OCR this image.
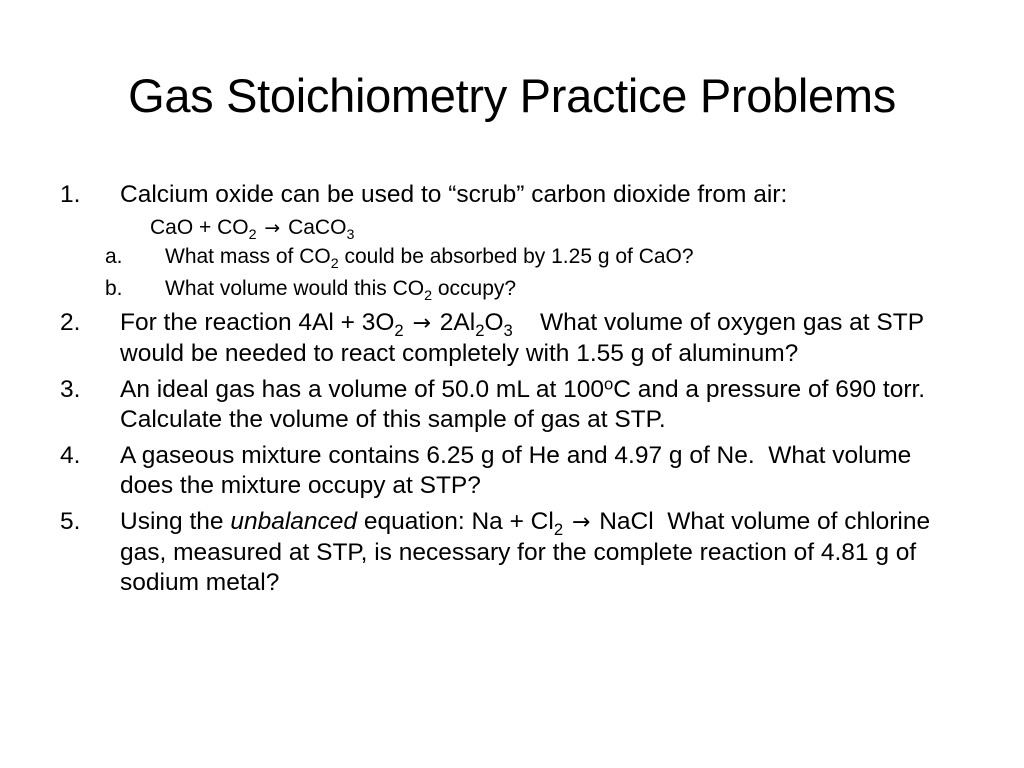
Gas Stoichiometry Practice Problems
1. Calcium oxide can be used to “scrub” carbon dioxide from air:
CaO + $CO_2$ → CaCO$_3$
a. What mass of $CO_2$ could be absorbed by 1.25 g of CaO?
b. What volume would this $CO_2$ occupy?
2. For the reaction $4Al + 3O_2 \to 2Al_2O_3$    What volume of oxygen gas at STP would be needed to react completely with 1.55 g of aluminum?
3. An ideal gas has a volume of 50.0 mL at 100$^o$C and a pressure of 690 torr.  Calculate the volume of this sample of gas at STP.
4. A gaseous mixture contains 6.25 g of He and 4.97 g of Ne.  What volume does the mixture occupy at STP?
5. Using the unbalanced equation: $Na + Cl_2$ → NaCl  What volume of chlorine gas, measured at STP, is necessary for the complete reaction of 4.81 g of sodium metal?
